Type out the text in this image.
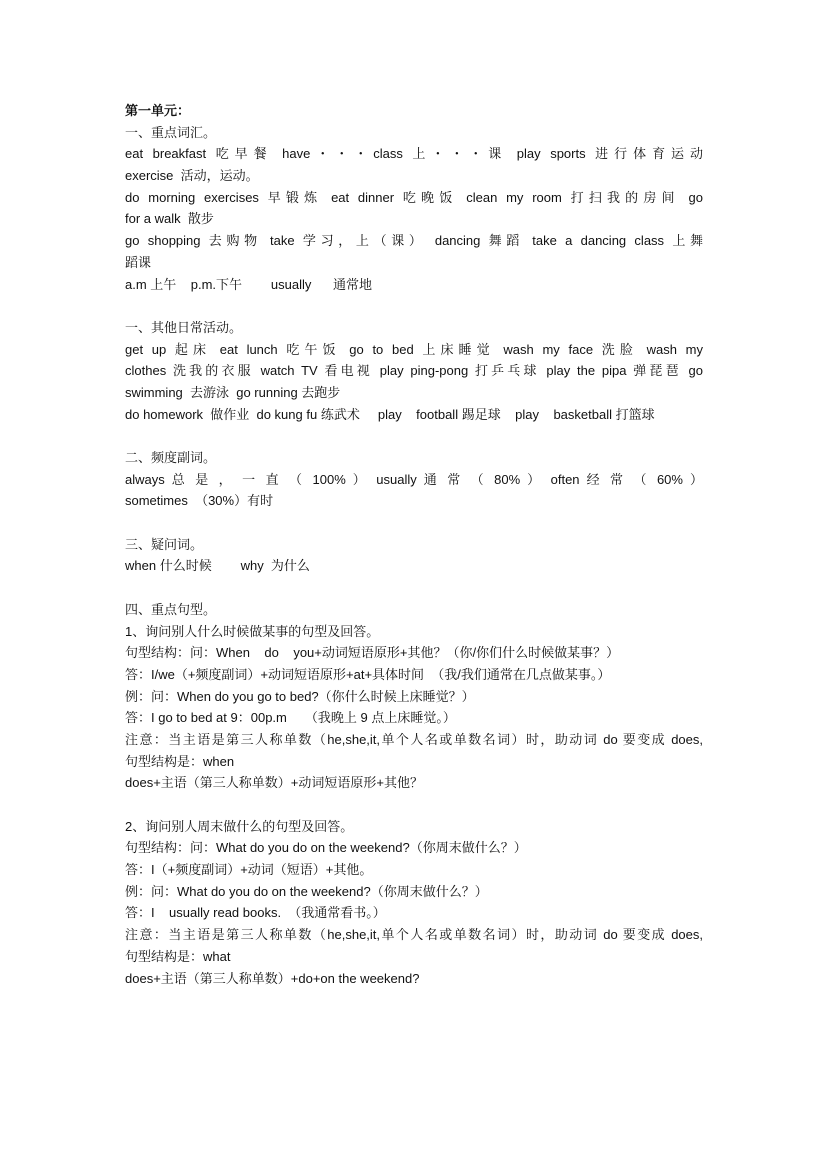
第一单元：
一、重点词汇。
eat breakfast 吃早餐 have・・・class 上・・・课 play sports 进行体育运动
exercise  活动，运动。
do morning exercises 早锻炼 eat dinner 吃晚饭 clean my room 打扫我的房间 go
for a walk  散步
go shopping 去购物 take 学习，上（课） dancing 舞蹈 take a dancing class 上舞
蹈课
a.m 上午    p.m.下午        usually      通常地
一、其他日常活动。
get up 起床 eat lunch 吃午饭 go to bed 上床睡觉 wash my face 洗脸 wash my
clothes 洗我的衣服 watch TV 看电视 play ping-pong 打乒乓球 play the pipa 弹琵琶 go
swimming  去游泳  go running 去跑步
do homework  做作业  do kung fu 练武术     play    football 踢足球    play    basketball 打篮球
二、频度副词。
always 总 是 ， 一 直 （ 100% ） usually 通 常 （ 80% ） often 经 常 （ 60% ）
sometimes  （30%）有时
三、疑问词。
when 什么时候        why  为什么
四、重点句型。
1、询问别人什么时候做某事的句型及回答。
句型结构：问：When    do    you+动词短语原形+其他？（你/你们什么时候做某事？）
答：I/we（+频度副词）+动词短语原形+at+具体时间  （我/我们通常在几点做某事。）
例：问：When do you go to bed?（你什么时候上床睡觉？）
答：I go to bed at 9：00p.m     （我晚上 9 点上床睡觉。）
注意：当主语是第三人称单数（he,she,it,单个人名或单数名词）时，助动词 do 要变成 does,
句型结构是：when
does+主语（第三人称单数）+动词短语原形+其他？
2、询问别人周末做什么的句型及回答。
句型结构：问：What do you do on the weekend?（你周末做什么？）
答：I（+频度副词）+动词（短语）+其他。
例：问：What do you do on the weekend?（你周末做什么？）
答：I    usually read books.  （我通常看书。）
注意：当主语是第三人称单数（he,she,it,单个人名或单数名词）时，助动词 do 要变成 does,
句型结构是：what
does+主语（第三人称单数）+do+on the weekend?
